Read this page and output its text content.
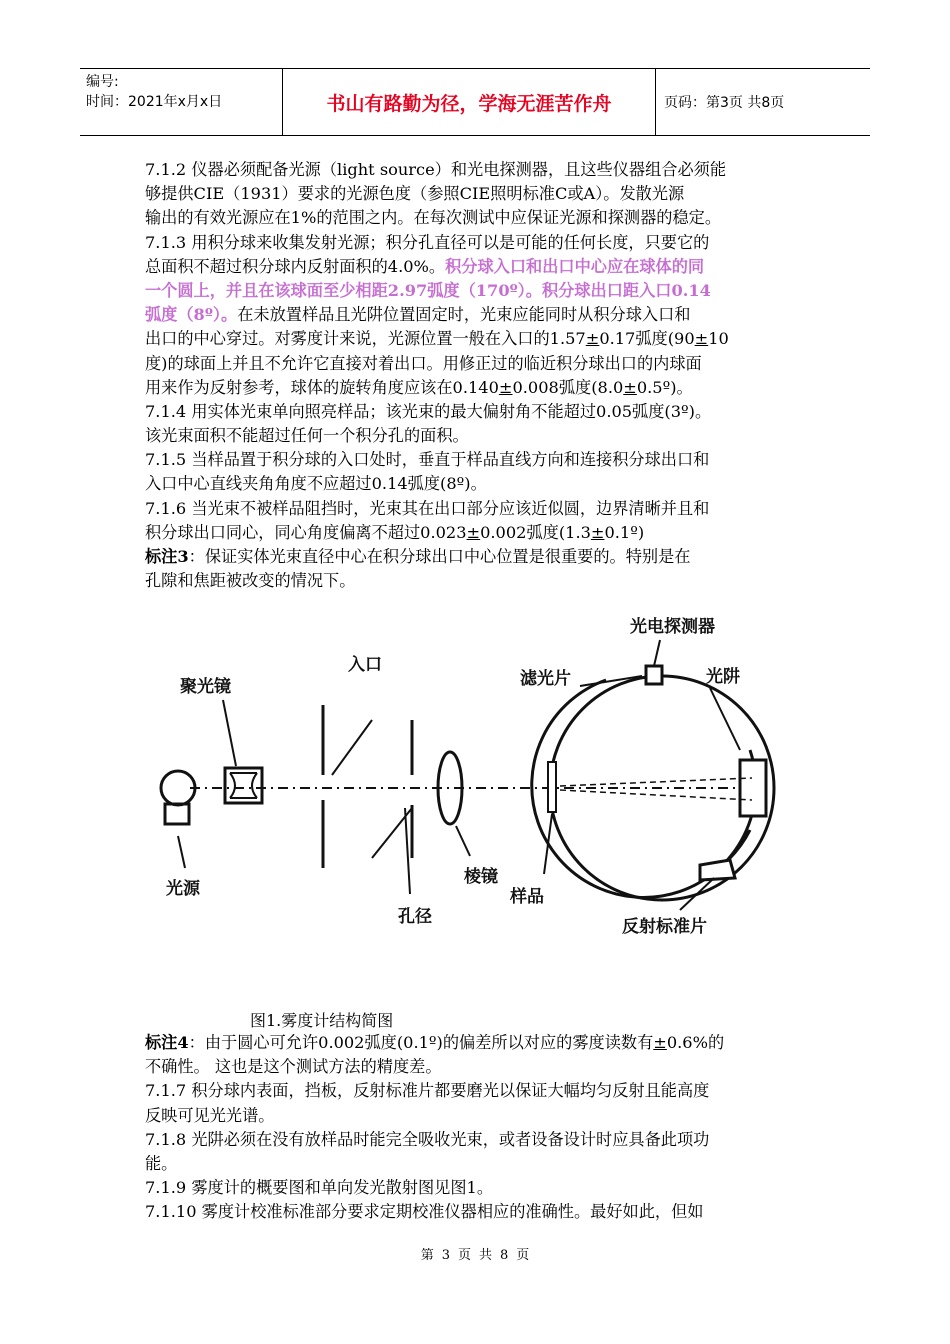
编号:
时间：2021年x月x日	书山有路勤为径，学海无涯苦作舟	页码：第3页 共8页
7.1.2 仪器必须配备光源（light source）和光电探测器，且这些仪器组合必须能
够提供CIE（1931）要求的光源色度（参照CIE照明标准C或A）。发散光源
输出的有效光源应在1%的范围之内。在每次测试中应保证光源和探测器的稳定。
7.1.3 用积分球来收集发射光源；积分孔直径可以是可能的任何长度，只要它的
总面积不超过积分球内反射面积的4.0%。积分球入口和出口中心应在球体的同
一个圆上，并且在该球面至少相距2.97弧度（170º）。积分球出口距入口0.14
弧度（8º）。在未放置样品且光阱位置固定时，光束应能同时从积分球入口和
出口的中心穿过。对雾度计来说，光源位置一般在入口的1.57±0.17弧度(90±10
度)的球面上并且不允许它直接对着出口。用修正过的临近积分球出口的内球面
用来作为反射参考，球体的旋转角度应该在0.140±0.008弧度(8.0±0.5º)。
7.1.4 用实体光束单向照亮样品；该光束的最大偏射角不能超过0.05弧度(3º)。
该光束面积不能超过任何一个积分孔的面积。
7.1.5 当样品置于积分球的入口处时，垂直于样品直线方向和连接积分球出口和
入口中心直线夹角角度不应超过0.14弧度(8º)。
7.1.6 当光束不被样品阻挡时，光束其在出口部分应该近似圆，边界清晰并且和
积分球出口同心，同心角度偏离不超过0.023±0.002弧度(1.3±0.1º)
标注3：保证实体光束直径中心在积分球出口中心位置是很重要的。特别是在
孔隙和焦距被改变的情况下。
光电探测器
入口
滤光片	光阱
聚光镜
光源
孔径
棱镜
样品
反射标准片
图1.雾度计结构简图
标注4：由于圆心可允许0.002弧度(0.1º)的偏差所以对应的雾度读数有±0.6%的
不确性。 这也是这个测试方法的精度差。
7.1.7 积分球内表面，挡板，反射标准片都要磨光以保证大幅均匀反射且能高度
反映可见光光谱。
7.1.8 光阱必须在没有放样品时能完全吸收光束，或者设备设计时应具备此项功
能。
7.1.9 雾度计的概要图和单向发光散射图见图1。
7.1.10 雾度计校准标准部分要求定期校准仪器相应的准确性。最好如此，但如
第 3 页 共 8 页
